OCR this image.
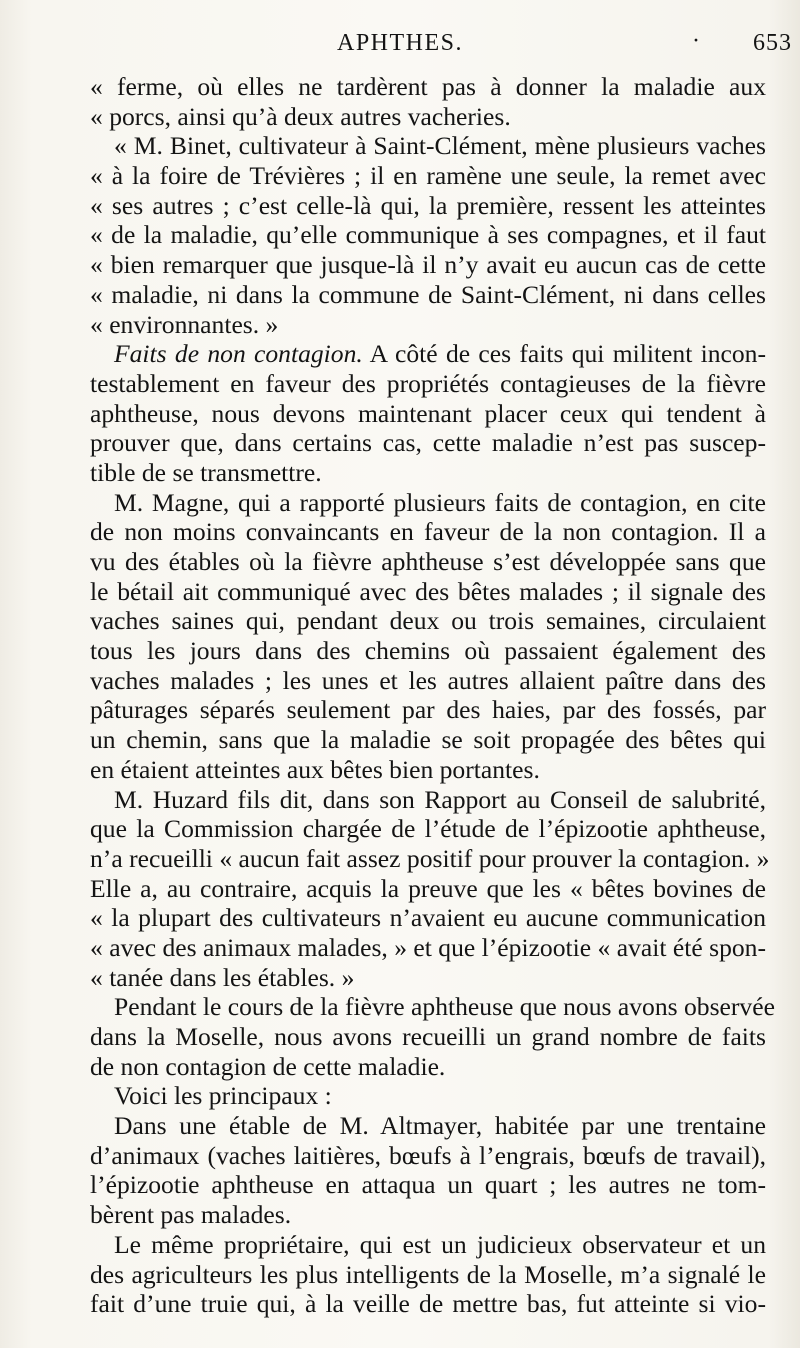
APHTHES.	· 653
« ferme, où elles ne tardèrent pas à donner la maladie aux
« porcs, ainsi qu’à deux autres vacheries.
« M. Binet, cultivateur à Saint-Clément, mène plusieurs vaches
« à la foire de Trévières ; il en ramène une seule, la remet avec
« ses autres ; c’est celle-là qui, la première, ressent les atteintes
« de la maladie, qu’elle communique à ses compagnes, et il faut
« bien remarquer que jusque-là il n’y avait eu aucun cas de cette
« maladie, ni dans la commune de Saint-Clément, ni dans celles
« environnantes. »
Faits de non contagion. A côté de ces faits qui militent incon-
testablement en faveur des propriétés contagieuses de la fièvre
aphtheuse, nous devons maintenant placer ceux qui tendent à
prouver que, dans certains cas, cette maladie n’est pas suscep-
tible de se transmettre.
M. Magne, qui a rapporté plusieurs faits de contagion, en cite
de non moins convaincants en faveur de la non contagion. Il a
vu des étables où la fièvre aphtheuse s’est développée sans que
le bétail ait communiqué avec des bêtes malades ; il signale des
vaches saines qui, pendant deux ou trois semaines, circulaient
tous les jours dans des chemins où passaient également des
vaches malades ; les unes et les autres allaient paître dans des
pâturages séparés seulement par des haies, par des fossés, par
un chemin, sans que la maladie se soit propagée des bêtes qui
en étaient atteintes aux bêtes bien portantes.
M. Huzard fils dit, dans son Rapport au Conseil de salubrité,
que la Commission chargée de l’étude de l’épizootie aphtheuse,
n’a recueilli « aucun fait assez positif pour prouver la contagion. »
Elle a, au contraire, acquis la preuve que les « bêtes bovines de
« la plupart des cultivateurs n’avaient eu aucune communication
« avec des animaux malades, » et que l’épizootie « avait été spon-
« tanée dans les étables. »
Pendant le cours de la fièvre aphtheuse que nous avons observée
dans la Moselle, nous avons recueilli un grand nombre de faits
de non contagion de cette maladie.
Voici les principaux :
Dans une étable de M. Altmayer, habitée par une trentaine
d’animaux (vaches laitières, bœufs à l’engrais, bœufs de travail),
l’épizootie aphtheuse en attaqua un quart ; les autres ne tom-
bèrent pas malades.
Le même propriétaire, qui est un judicieux observateur et un
des agriculteurs les plus intelligents de la Moselle, m’a signalé le
fait d’une truie qui, à la veille de mettre bas, fut atteinte si vio-
